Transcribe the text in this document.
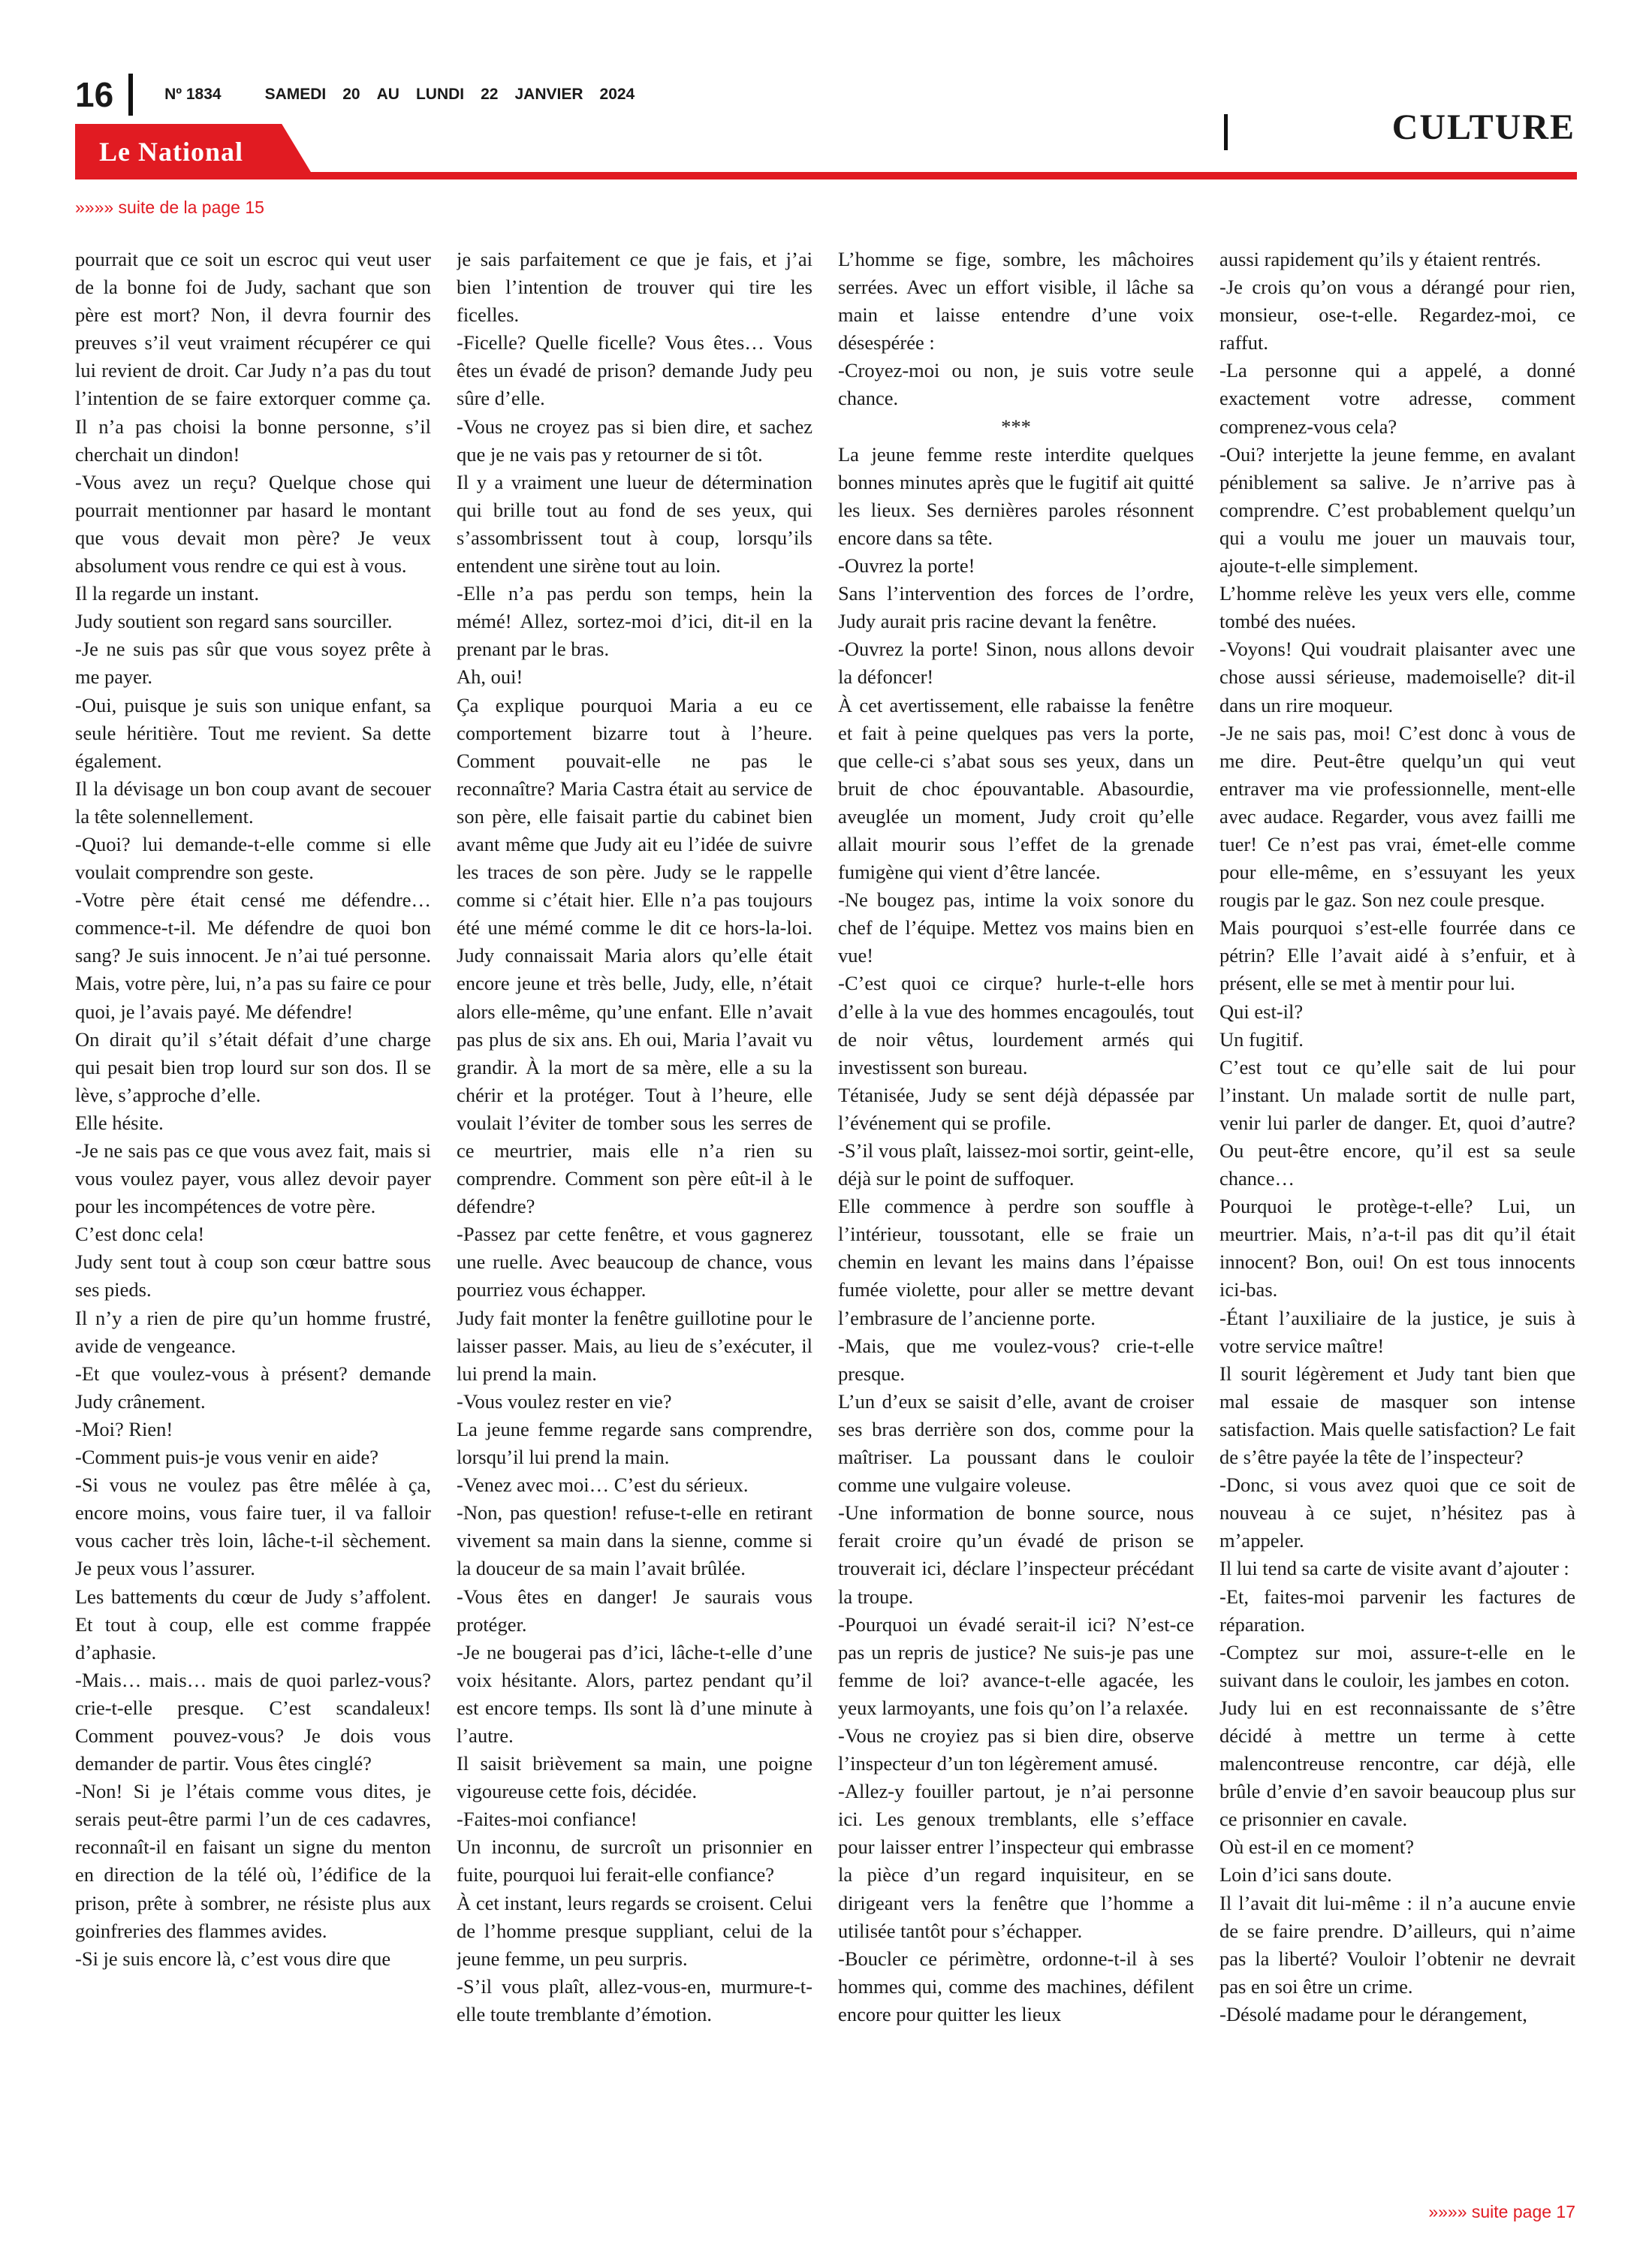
16	Nº 1834	SAMEDI 20 AU LUNDI 22 JANVIER 2024
CULTURE
Le National
»»»» suite de la page 15

pourrait que ce soit un escroc qui veut user de la bonne foi de Judy, sachant que son père est mort? Non, il devra fournir des preuves s’il veut vraiment récupérer ce qui lui revient de droit. Car Judy n’a pas du tout l’intention de se faire extorquer comme ça. Il n’a pas choisi la bonne personne, s’il cherchait un dindon!

-Vous avez un reçu? Quelque chose qui pourrait mentionner par hasard le montant que vous devait mon père? Je veux absolument vous rendre ce qui est à vous.

Il la regarde un instant.

Judy soutient son regard sans sourciller.

-Je ne suis pas sûr que vous soyez prête à me payer.

-Oui, puisque je suis son unique enfant, sa seule héritière. Tout me revient. Sa dette également.

Il la dévisage un bon coup avant de secouer la tête solennellement.

-Quoi? lui demande-t-elle comme si elle voulait comprendre son geste.

-Votre père était censé me défendre… commence-t-il. Me défendre de quoi bon sang? Je suis innocent. Je n’ai tué personne. Mais, votre père, lui, n’a pas su faire ce pour quoi, je l’avais payé. Me défendre!

On dirait qu’il s’était défait d’une charge qui pesait bien trop lourd sur son dos. Il se lève, s’approche d’elle.

Elle hésite.

-Je ne sais pas ce que vous avez fait, mais si vous voulez payer, vous allez devoir payer pour les incompétences de votre père.

C’est donc cela!

Judy sent tout à coup son cœur battre sous ses pieds.

Il n’y a rien de pire qu’un homme frustré, avide de vengeance.

-Et que voulez-vous à présent? demande Judy crânement.

-Moi? Rien!

-Comment puis-je vous venir en aide?

-Si vous ne voulez pas être mêlée à ça, encore moins, vous faire tuer, il va falloir vous cacher très loin, lâche-t-il sèchement. Je peux vous l’assurer.

Les battements du cœur de Judy s’affolent. Et tout à coup, elle est comme frappée d’aphasie.

-Mais… mais… mais de quoi parlez-vous? crie-t-elle presque. C’est scandaleux! Comment pouvez-vous? Je dois vous demander de partir. Vous êtes cinglé?

-Non! Si je l’étais comme vous dites, je serais peut-être parmi l’un de ces cadavres, reconnaît-il en faisant un signe du menton en direction de la télé où, l’édifice de la prison, prête à sombrer, ne résiste plus aux goinfreries des flammes avides.

-Si je suis encore là, c’est vous dire que

je sais parfaitement ce que je fais, et j’ai bien l’intention de trouver qui tire les ficelles.

-Ficelle? Quelle ficelle? Vous êtes… Vous êtes un évadé de prison? demande Judy peu sûre d’elle.

-Vous ne croyez pas si bien dire, et sachez que je ne vais pas y retourner de si tôt.

Il y a vraiment une lueur de détermination qui brille tout au fond de ses yeux, qui s’assombrissent tout à coup, lorsqu’ils entendent une sirène tout au loin.

-Elle n’a pas perdu son temps, hein la mémé! Allez, sortez-moi d’ici, dit-il en la prenant par le bras.

Ah, oui!

Ça explique pourquoi Maria a eu ce comportement bizarre tout à l’heure. Comment pouvait-elle ne pas le reconnaître? Maria Castra était au service de son père, elle faisait partie du cabinet bien avant même que Judy ait eu l’idée de suivre les traces de son père. Judy se le rappelle comme si c’était hier. Elle n’a pas toujours été une mémé comme le dit ce hors-la-loi. Judy connaissait Maria alors qu’elle était encore jeune et très belle, Judy, elle, n’était alors elle-même, qu’une enfant. Elle n’avait pas plus de six ans. Eh oui, Maria l’avait vu grandir. À la mort de sa mère, elle a su la chérir et la protéger. Tout à l’heure, elle voulait l’éviter de tomber sous les serres de ce meurtrier, mais elle n’a rien su comprendre. Comment son père eût-il à le défendre?

-Passez par cette fenêtre, et vous gagnerez une ruelle. Avec beaucoup de chance, vous pourriez vous échapper.

Judy fait monter la fenêtre guillotine pour le laisser passer. Mais, au lieu de s’exécuter, il lui prend la main.

-Vous voulez rester en vie?

La jeune femme regarde sans comprendre, lorsqu’il lui prend la main.

-Venez avec moi… C’est du sérieux.

-Non, pas question! refuse-t-elle en retirant vivement sa main dans la sienne, comme si la douceur de sa main l’avait brûlée.

-Vous êtes en danger! Je saurais vous protéger.

-Je ne bougerai pas d’ici, lâche-t-elle d’une voix hésitante. Alors, partez pendant qu’il est encore temps. Ils sont là d’une minute à l’autre.

Il saisit brièvement sa main, une poigne vigoureuse cette fois, décidée.

-Faites-moi confiance!

Un inconnu, de surcroît un prisonnier en fuite, pourquoi lui ferait-elle confiance?

À cet instant, leurs regards se croisent. Celui de l’homme presque suppliant, celui de la jeune femme, un peu surpris.

-S’il vous plaît, allez-vous-en, murmure-t-elle toute tremblante d’émotion.

L’homme se fige, sombre, les mâchoires serrées. Avec un effort visible, il lâche sa main et laisse entendre d’une voix désespérée :

-Croyez-moi ou non, je suis votre seule chance.

***

La jeune femme reste interdite quelques bonnes minutes après que le fugitif ait quitté les lieux. Ses dernières paroles résonnent encore dans sa tête.

-Ouvrez la porte!

Sans l’intervention des forces de l’ordre, Judy aurait pris racine devant la fenêtre.

-Ouvrez la porte! Sinon, nous allons devoir la défoncer!

À cet avertissement, elle rabaisse la fenêtre et fait à peine quelques pas vers la porte, que celle-ci s’abat sous ses yeux, dans un bruit de choc épouvantable. Abasourdie, aveuglée un moment, Judy croit qu’elle allait mourir sous l’effet de la grenade fumigène qui vient d’être lancée.

-Ne bougez pas, intime la voix sonore du chef de l’équipe. Mettez vos mains bien en vue!

-C’est quoi ce cirque? hurle-t-elle hors d’elle à la vue des hommes encagoulés, tout de noir vêtus, lourdement armés qui investissent son bureau.

Tétanisée, Judy se sent déjà dépassée par l’événement qui se profile.

-S’il vous plaît, laissez-moi sortir, geint-elle, déjà sur le point de suffoquer.

Elle commence à perdre son souffle à l’intérieur, toussotant, elle se fraie un chemin en levant les mains dans l’épaisse fumée violette, pour aller se mettre devant l’embrasure de l’ancienne porte.

-Mais, que me voulez-vous? crie-t-elle presque.

L’un d’eux se saisit d’elle, avant de croiser ses bras derrière son dos, comme pour la maîtriser. La poussant dans le couloir comme une vulgaire voleuse.

-Une information de bonne source, nous ferait croire qu’un évadé de prison se trouverait ici, déclare l’inspecteur précédant la troupe.

-Pourquoi un évadé serait-il ici? N’est-ce pas un repris de justice? Ne suis-je pas une femme de loi? avance-t-elle agacée, les yeux larmoyants, une fois qu’on l’a relaxée.

-Vous ne croyiez pas si bien dire, observe l’inspecteur d’un ton légèrement amusé.

-Allez-y fouiller partout, je n’ai personne ici. Les genoux tremblants, elle s’efface pour laisser entrer l’inspecteur qui embrasse la pièce d’un regard inquisiteur, en se dirigeant vers la fenêtre que l’homme a utilisée tantôt pour s’échapper.

-Boucler ce périmètre, ordonne-t-il à ses hommes qui, comme des machines, défilent encore pour quitter les lieux

aussi rapidement qu’ils y étaient rentrés.

-Je crois qu’on vous a dérangé pour rien, monsieur, ose-t-elle. Regardez-moi, ce raffut.

-La personne qui a appelé, a donné exactement votre adresse, comment comprenez-vous cela?

-Oui? interjette la jeune femme, en avalant péniblement sa salive. Je n’arrive pas à comprendre. C’est probablement quelqu’un qui a voulu me jouer un mauvais tour, ajoute-t-elle simplement.

L’homme relève les yeux vers elle, comme tombé des nuées.

-Voyons! Qui voudrait plaisanter avec une chose aussi sérieuse, mademoiselle? dit-il dans un rire moqueur.

-Je ne sais pas, moi! C’est donc à vous de me dire. Peut-être quelqu’un qui veut entraver ma vie professionnelle, ment-elle avec audace. Regarder, vous avez failli me tuer! Ce n’est pas vrai, émet-elle comme pour elle-même, en s’essuyant les yeux rougis par le gaz. Son nez coule presque.

Mais pourquoi s’est-elle fourrée dans ce pétrin? Elle l’avait aidé à s’enfuir, et à présent, elle se met à mentir pour lui.

Qui est-il?

Un fugitif.

C’est tout ce qu’elle sait de lui pour l’instant. Un malade sortit de nulle part, venir lui parler de danger. Et, quoi d’autre? Ou peut-être encore, qu’il est sa seule chance…

Pourquoi le protège-t-elle? Lui, un meurtrier. Mais, n’a-t-il pas dit qu’il était innocent? Bon, oui! On est tous innocents ici-bas.

-Étant l’auxiliaire de la justice, je suis à votre service maître!

Il sourit légèrement et Judy tant bien que mal essaie de masquer son intense satisfaction. Mais quelle satisfaction? Le fait de s’être payée la tête de l’inspecteur?

-Donc, si vous avez quoi que ce soit de nouveau à ce sujet, n’hésitez pas à m’appeler.

Il lui tend sa carte de visite avant d’ajouter :

-Et, faites-moi parvenir les factures de réparation.

-Comptez sur moi, assure-t-elle en le suivant dans le couloir, les jambes en coton.

Judy lui en est reconnaissante de s’être décidé à mettre un terme à cette malencontreuse rencontre, car déjà, elle brûle d’envie d’en savoir beaucoup plus sur ce prisonnier en cavale.

Où est-il en ce moment?

Loin d’ici sans doute.

Il l’avait dit lui-même : il n’a aucune envie de se faire prendre. D’ailleurs, qui n’aime pas la liberté? Vouloir l’obtenir ne devrait pas en soi être un crime.

-Désolé madame pour le dérangement,

»»»» suite page 17
